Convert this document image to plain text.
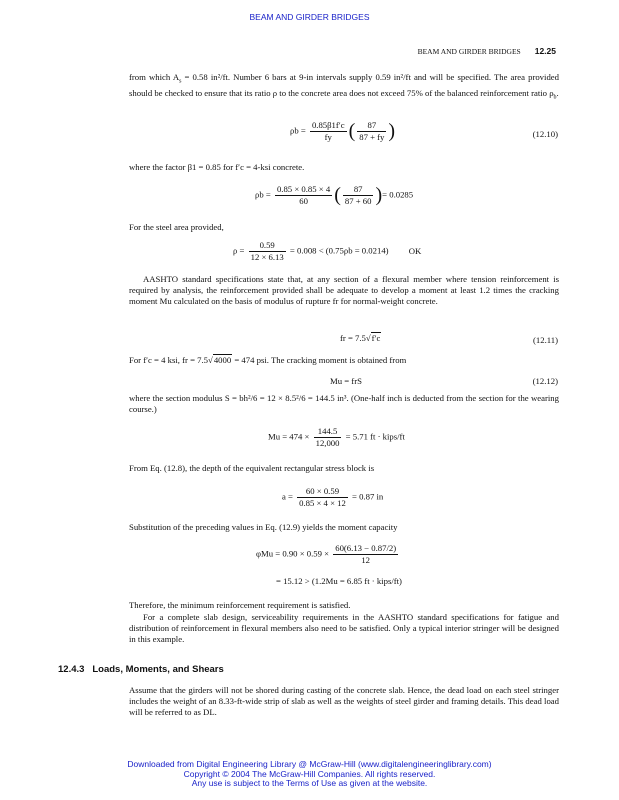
BEAM AND GIRDER BRIDGES
BEAM AND GIRDER BRIDGES 12.25
from which $A_s = 0.58$ in²/ft. Number 6 bars at 9-in intervals supply 0.59 in²/ft and will be specified. The area provided should be checked to ensure that its ratio ρ to the concrete area does not exceed 75% of the balanced reinforcement ratio $\rho_b$.
$\rho b = \frac{0.85\beta 1f'c}{fy}$ ( $\frac{87}{87 + fy}$ )	(12.10)
where the factor β1 = 0.85 for f′c = 4-ksi concrete.
$\rho b = \frac{0.85 \times 0.85 \times 4}{60}$ ( $\frac{87}{87 + 60}$ )= 0.0285
For the steel area provided,
$\rho = \frac{0.59}{12 \times 6.13} = 0.008 < (0.75\rho b = 0.0214)$ OK
AASHTO standard specifications state that, at any section of a flexural member where tension reinforcement is required by analysis, the reinforcement provided shall be adequate to develop a moment at least 1.2 times the cracking moment Mu calculated on the basis of modulus of rupture fr for normal-weight concrete.
fr = 7.5√f′c	(12.11)
For f′c = 4 ksi, fr = 7.5√4000 = 474 psi. The cracking moment is obtained from
Mu = frS	(12.12)
where the section modulus S = bh²/6 = 12 × 8.5²/6 = 144.5 in³. (One-half inch is deducted from the section for the wearing course.)
$Mu = 474 \times \frac{144.5}{12,000} = 5.71$ ft · kips/ft
From Eq. (12.8), the depth of the equivalent rectangular stress block is
$a = \frac{60 \times 0.59}{0.85 \times 4 \times 12} = 0.87$ in
Substitution of the preceding values in Eq. (12.9) yields the moment capacity
$\varphi Mu = 0.90 \times 0.59 \times \frac{60(6.13 - 0.87/2)}{12}$
= 15.12 > (1.2Mu = 6.85 ft · kips/ft)
Therefore, the minimum reinforcement requirement is satisfied.
For a complete slab design, serviceability requirements in the AASHTO standard specifications for fatigue and distribution of reinforcement in flexural members also need to be satisfied. Only a typical interior stringer will be designed in this example.
12.4.3 Loads, Moments, and Shears
Assume that the girders will not be shored during casting of the concrete slab. Hence, the dead load on each steel stringer includes the weight of an 8.33-ft-wide strip of slab as well as the weights of steel girder and framing details. This dead load will be referred to as DL.
Downloaded from Digital Engineering Library @ McGraw-Hill (www.digitalengineeringlibrary.com)
Copyright © 2004 The McGraw-Hill Companies. All rights reserved.
Any use is subject to the Terms of Use as given at the website.
